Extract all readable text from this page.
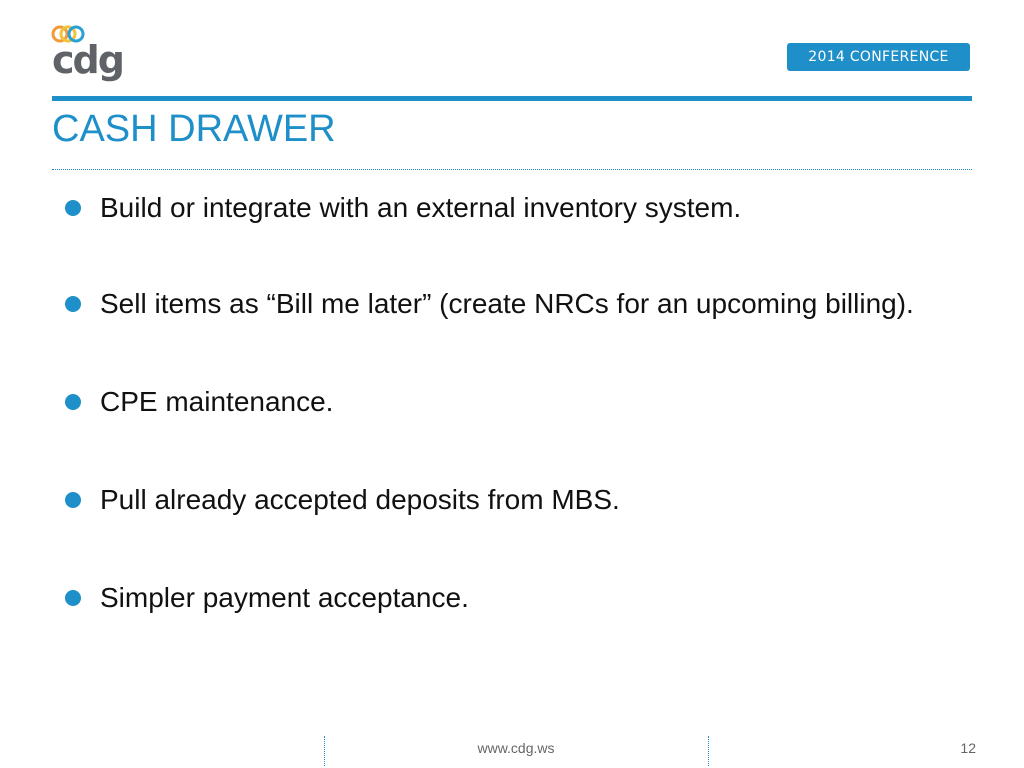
cdg	2014 CONFERENCE
CASH DRAWER
Build or integrate with an external inventory system.
Sell items as “Bill me later” (create NRCs for an upcoming billing).
CPE maintenance.
Pull already accepted deposits from MBS.
Simpler payment acceptance.
www.cdg.ws	12
